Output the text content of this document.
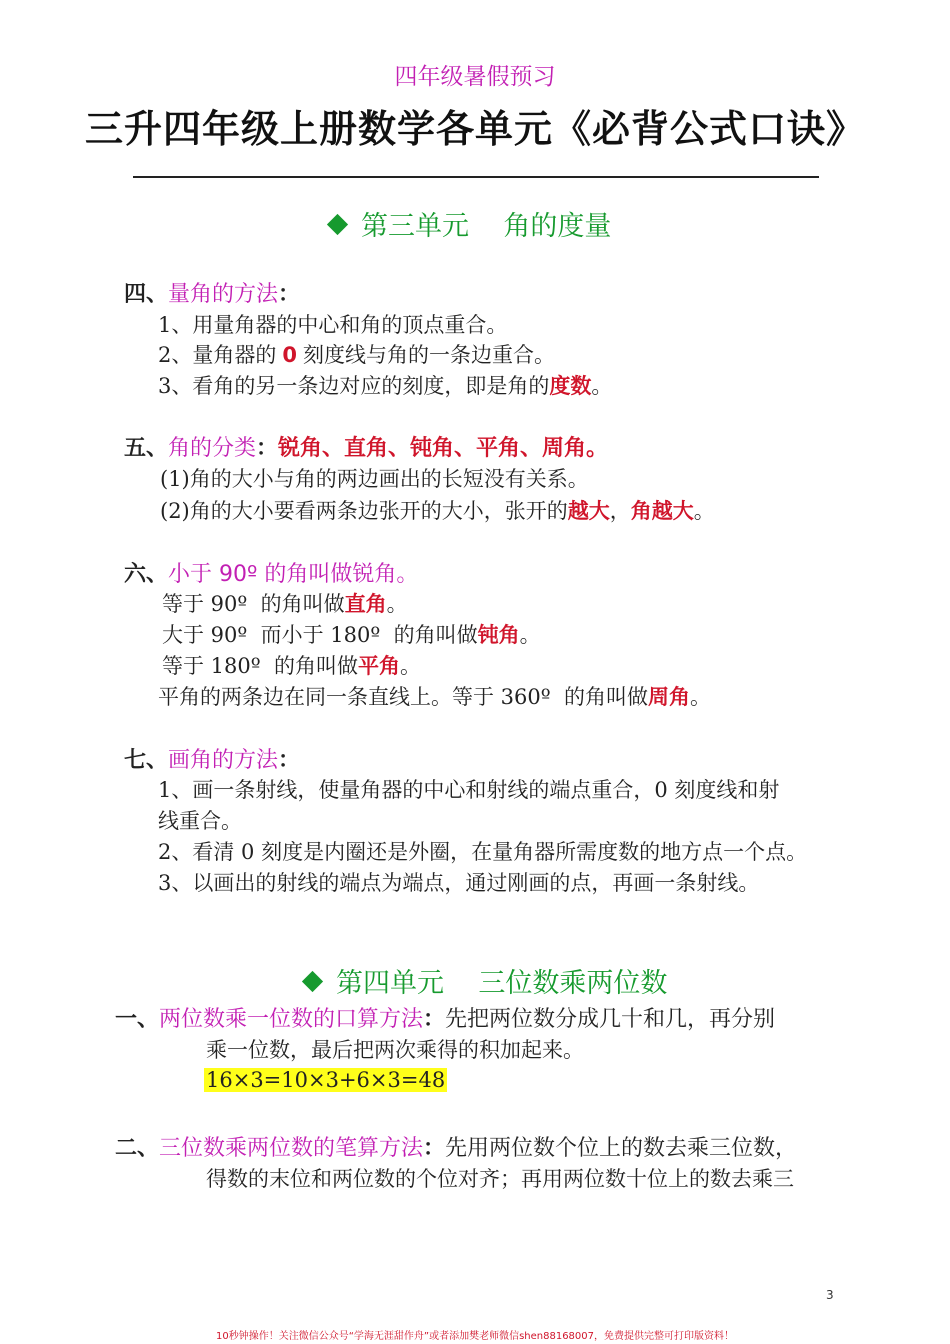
四年级暑假预习
三升四年级上册数学各单元《必背公式口诀》
第三单元    角的度量
四、量角的方法：
1、用量角器的中心和角的顶点重合。
2、量角器的 0 刻度线与角的一条边重合。
3、看角的另一条边对应的刻度，即是角的度数。
五、角的分类：锐角、直角、钝角、平角、周角。
(1)角的大小与角的两边画出的长短没有关系。
(2)角的大小要看两条边张开的大小，张开的越大，角越大。
六、小于 90º 的角叫做锐角。
等于 90º  的角叫做直角。
大于 90º  而小于 180º  的角叫做钝角。
等于 180º  的角叫做平角。
平角的两条边在同一条直线上。等于 360º  的角叫做周角。
七、画角的方法：
1、画一条射线，使量角器的中心和射线的端点重合，0 刻度线和射
线重合。
2、看清 0 刻度是内圈还是外圈，在量角器所需度数的地方点一个点。
3、以画出的射线的端点为端点，通过刚画的点，再画一条射线。
第四单元    三位数乘两位数
一、两位数乘一位数的口算方法：先把两位数分成几十和几，再分别
乘一位数，最后把两次乘得的积加起来。
16×3=10×3+6×3=48
二、三位数乘两位数的笔算方法：先用两位数个位上的数去乘三位数，
得数的末位和两位数的个位对齐；再用两位数十位上的数去乘三
3
10秒钟操作！关注微信公众号“学海无涯甜作舟”或者添加樊老师微信shen88168007，免费提供完整可打印版资料！
